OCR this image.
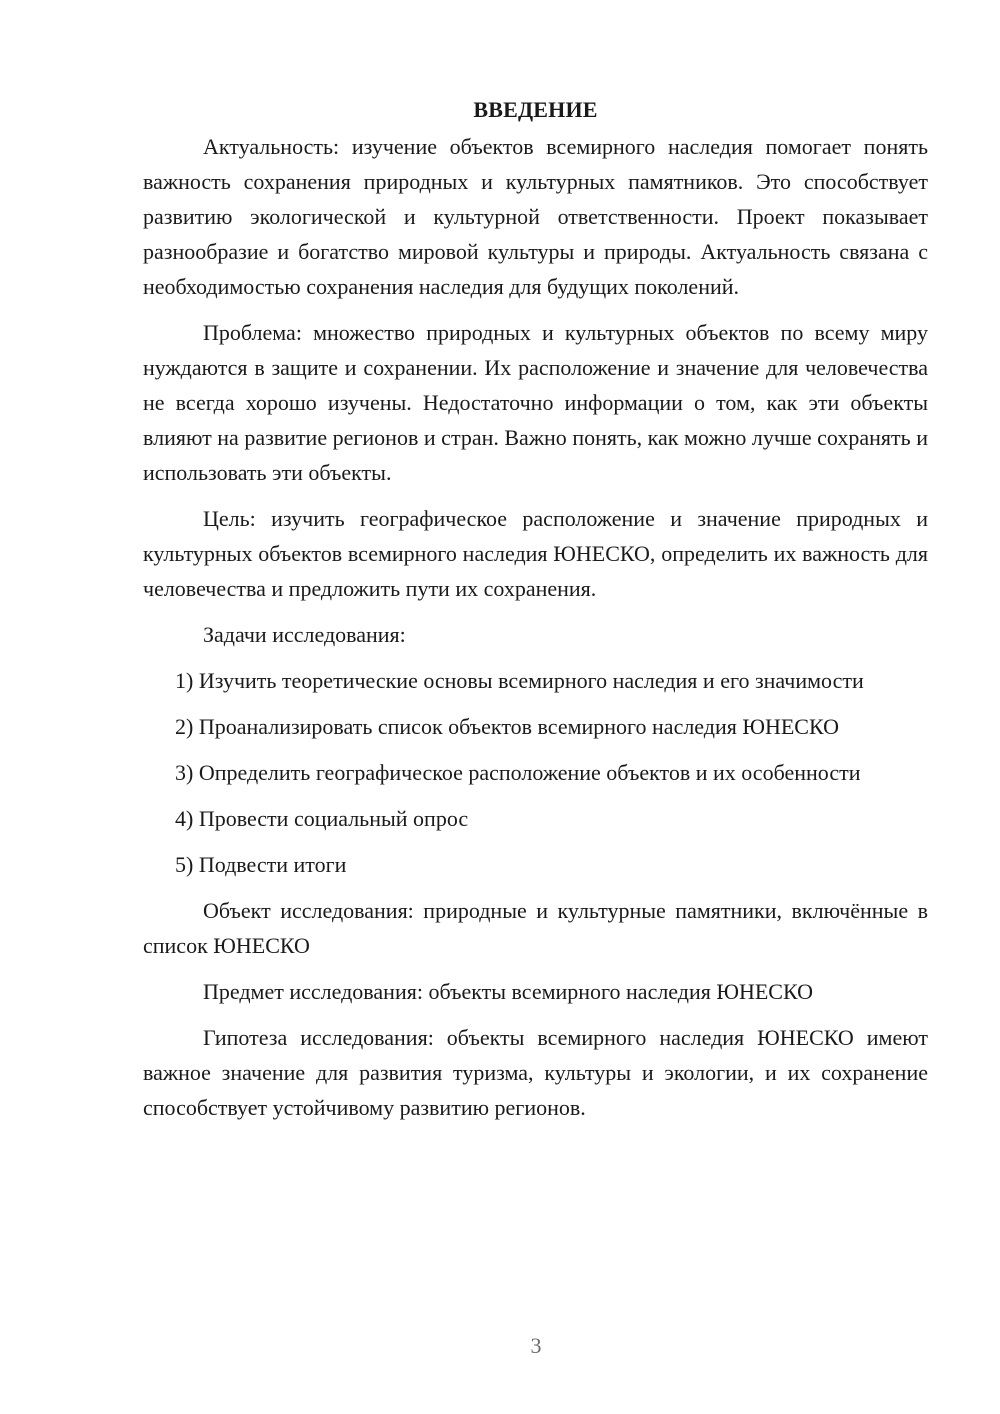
ВВЕДЕНИЕ

Актуальность: изучение объектов всемирного наследия помогает понять важность сохранения природных и культурных памятников. Это способствует развитию экологической и культурной ответственности. Проект показывает разнообразие и богатство мировой культуры и природы. Актуальность связана с необходимостью сохранения наследия для будущих поколений.

Проблема: множество природных и культурных объектов по всему миру нуждаются в защите и сохранении. Их расположение и значение для человечества не всегда хорошо изучены. Недостаточно информации о том, как эти объекты влияют на развитие регионов и стран. Важно понять, как можно лучше сохранять и использовать эти объекты.

Цель: изучить географическое расположение и значение природных и культурных объектов всемирного наследия ЮНЕСКО, определить их важность для человечества и предложить пути их сохранения.

Задачи исследования:

1) Изучить теоретические основы всемирного наследия и его значимости

2) Проанализировать список объектов всемирного наследия ЮНЕСКО

3) Определить географическое расположение объектов и их особенности

4) Провести социальный опрос

5) Подвести итоги

Объект исследования: природные и культурные памятники, включённые в список ЮНЕСКО

Предмет исследования: объекты всемирного наследия ЮНЕСКО

Гипотеза исследования: объекты всемирного наследия ЮНЕСКО имеют важное значение для развития туризма, культуры и экологии, и их сохранение способствует устойчивому развитию регионов.

3
